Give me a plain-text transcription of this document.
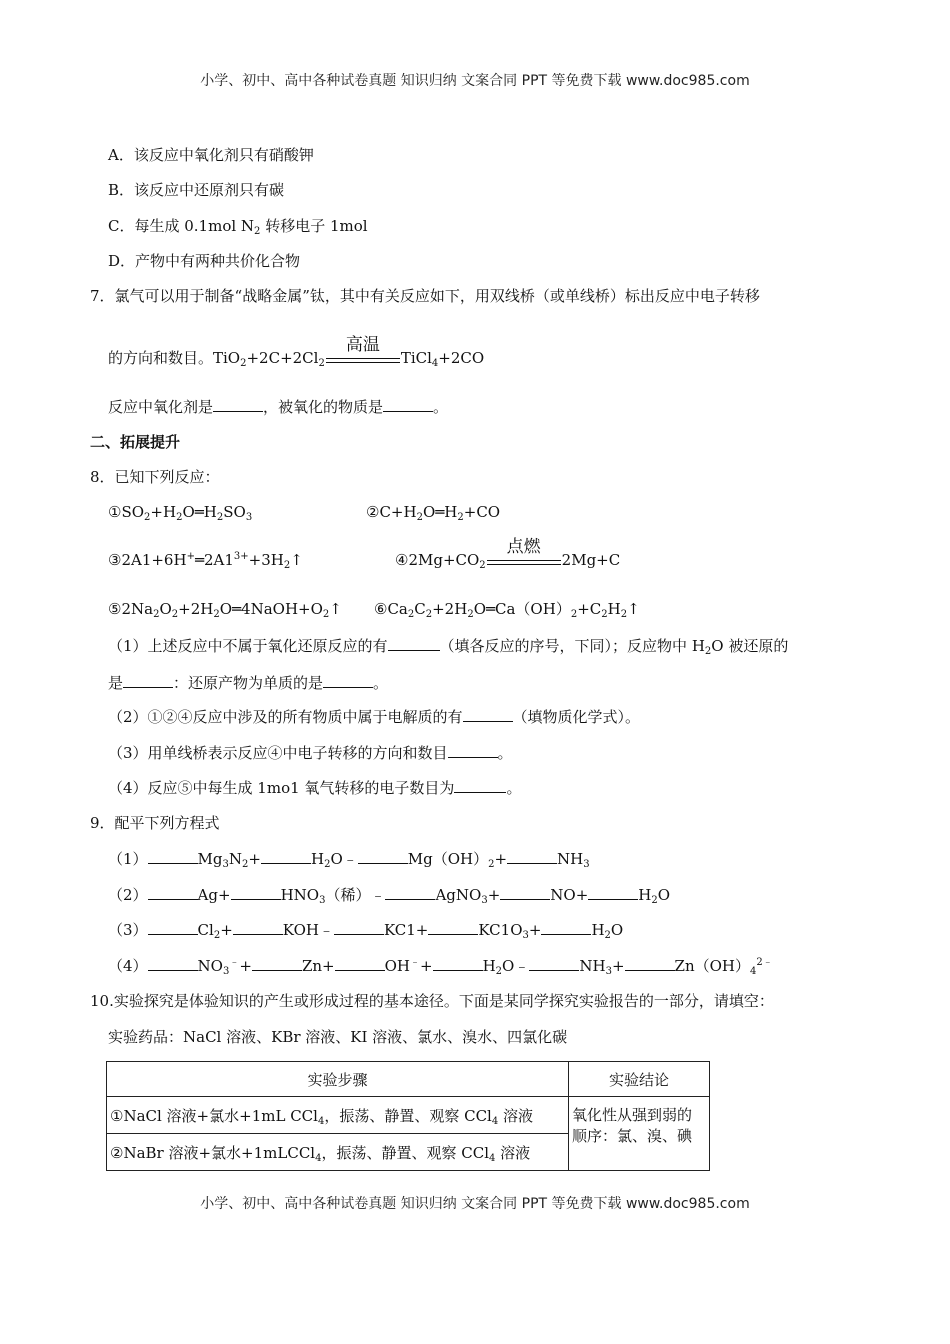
小学、初中、高中各种试卷真题 知识归纳 文案合同 PPT 等免费下载 www.doc985.com
A．该反应中氧化剂只有硝酸钾
B．该反应中还原剂只有碳
C．每生成 0.1mol $N_2$ 转移电子 1mol
D．产物中有两种共价化合物
7．氯气可以用于制备“战略金属”钛，其中有关反应如下，用双线桥（或单线桥）标出反应中电子转移
的方向和数目。$TiO_2+2C+2Cl_2$
高温
TiCl$_4$+2CO
反应中氧化剂是	，被氧化的物质是	。
二、拓展提升
8．已知下列反应：
$①SO_2+H_2O═H_2SO_3$	$②C+H_2O═H_2+CO$
$③2A1+6H^+═2A1^{3+}+3H_2↑$	$④2Mg+CO_2$
点燃
2Mg+C
$⑤2Na_2O_2+2H_2O═4NaOH+O_2↑$ $⑥Ca_2C_2+2H_2O═Ca(OH)_2+C_2H_2↑$
（1）上述反应中不属于氧化还原反应的有	（填各反应的序号，下同）；反应物中 $H_2O$ 被还原的
是	：还原产物为单质的是	。
（2）①②④反应中涉及的所有物质中属于电解质的有	（填物质化学式）。
（3）用单线桥表示反应④中电子转移的方向和数目	。
（4）反应⑤中每生成 1mo1 氧气转移的电子数目为	。
9．配平下列方程式
（1）	$Mg_3N_2+$	$H_2O﹣$	$Mg(OH)_2+$	$NH_3$
（2）	Ag+	$HNO_3$（稀）﹣	AgNO$_3$+	NO+	$H_2O$
（3）	$Cl_2+$	KOH﹣	KC1+	$KC1O_3+$	$H_2O$
（4）	$NO_3^﹣+$	Zn+	OH﹣+	$H_2O﹣$	$NH_3+$	$Zn(OH)_4^{2﹣}$
10.实验探究是体验知识的产生或形成过程的基本途径。下面是某同学探究实验报告的一部分，请填空：
实验药品：NaCl 溶液、KBr 溶液、KI 溶液、氯水、溴水、四氯化碳
实验步骤	实验结论
①NaCl 溶液+氯水+1mL CCl$_4$，振荡、静置、观察 CCl$_4$ 溶液	氧化性从强到弱的
顺序：氯、溴、碘
②NaBr 溶液+氯水+1mLCCl$_4$，振荡、静置、观察 CCl$_4$ 溶液	
小学、初中、高中各种试卷真题 知识归纳 文案合同 PPT 等免费下载 www.doc985.com
